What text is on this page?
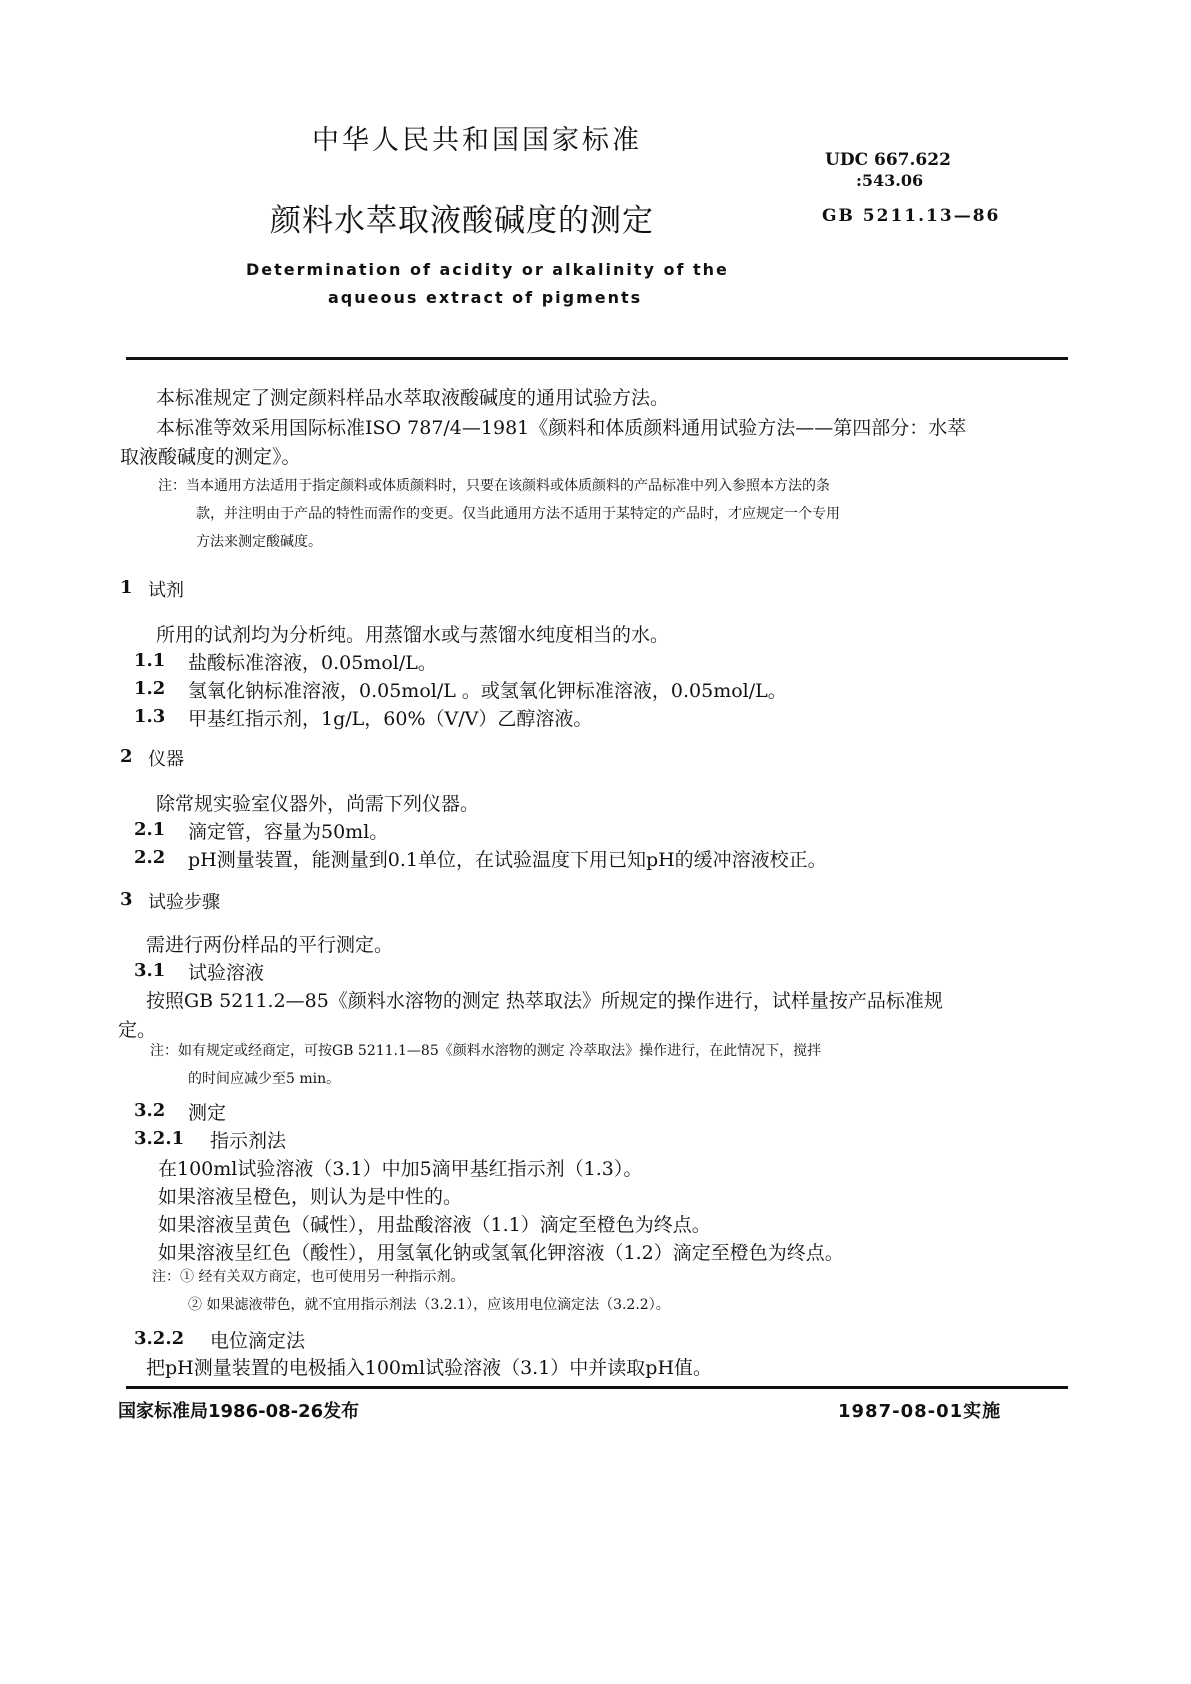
中华人民共和国国家标准
UDC 667.622
:543.06
颜料水萃取液酸碱度的测定	GB 5211.13—86
Determination of acidity or alkalinity of the
aqueous extract of pigments
本标准规定了测定颜料样品水萃取液酸碱度的通用试验方法。
本标准等效采用国际标准ISO 787/4—1981《颜料和体质颜料通用试验方法——第四部分：水萃
取液酸碱度的测定》。
注：当本通用方法适用于指定颜料或体质颜料时，只要在该颜料或体质颜料的产品标准中列入参照本方法的条
款，并注明由于产品的特性而需作的变更。仅当此通用方法不适用于某特定的产品时，才应规定一个专用
方法来测定酸碱度。
1 试剂
所用的试剂均为分析纯。用蒸馏水或与蒸馏水纯度相当的水。
1.1 盐酸标准溶液，0.05mol/L。
1.2 氢氧化钠标准溶液，0.05mol/L 。或氢氧化钾标准溶液，0.05mol/L。
1.3 甲基红指示剂，1g/L，60%（V/V）乙醇溶液。
2 仪器
除常规实验室仪器外，尚需下列仪器。
2.1 滴定管，容量为50ml。
2.2 pH测量装置，能测量到0.1单位，在试验温度下用已知pH的缓冲溶液校正。
3 试验步骤
需进行两份样品的平行测定。
3.1 试验溶液
按照GB 5211.2—85《颜料水溶物的测定 热萃取法》所规定的操作进行，试样量按产品标准规
定。
注：如有规定或经商定，可按GB 5211.1—85《颜料水溶物的测定 冷萃取法》操作进行，在此情况下，搅拌
的时间应减少至5 min。
3.2 测定
3.2.1 指示剂法
在100ml试验溶液（3.1）中加5滴甲基红指示剂（1.3）。
如果溶液呈橙色，则认为是中性的。
如果溶液呈黄色（碱性），用盐酸溶液（1.1）滴定至橙色为终点。
如果溶液呈红色（酸性），用氢氧化钠或氢氧化钾溶液（1.2）滴定至橙色为终点。
注：① 经有关双方商定，也可使用另一种指示剂。
② 如果滤液带色，就不宜用指示剂法（3.2.1），应该用电位滴定法（3.2.2）。
3.2.2 电位滴定法
把pH测量装置的电极插入100ml试验溶液（3.1）中并读取pH值。
国家标准局1986-08-26发布	1987-08-01实施
